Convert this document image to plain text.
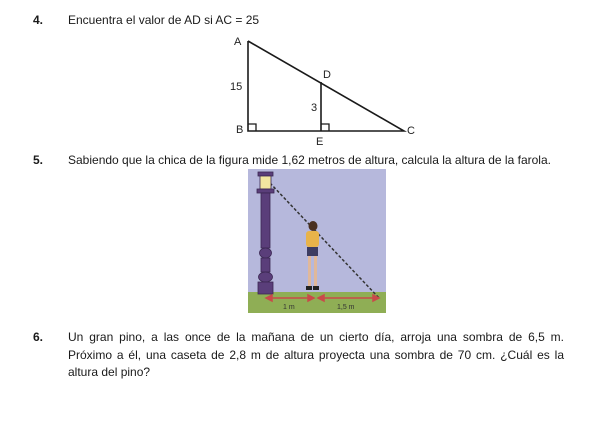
4. Encuentra el valor de AD si AC = 25
A
B	C
D
E
15
3
5. Sabiendo que la chica de la figura mide 1,62 metros de altura, calcula la altura de la farola.
1 m	1,5 m
6. Un gran pino, a las once de la mañana de un cierto día, arroja una sombra de 6,5 m. Próximo a él, una caseta de 2,8 m de altura proyecta una sombra de 70 cm. ¿Cuál es la altura del pino?
